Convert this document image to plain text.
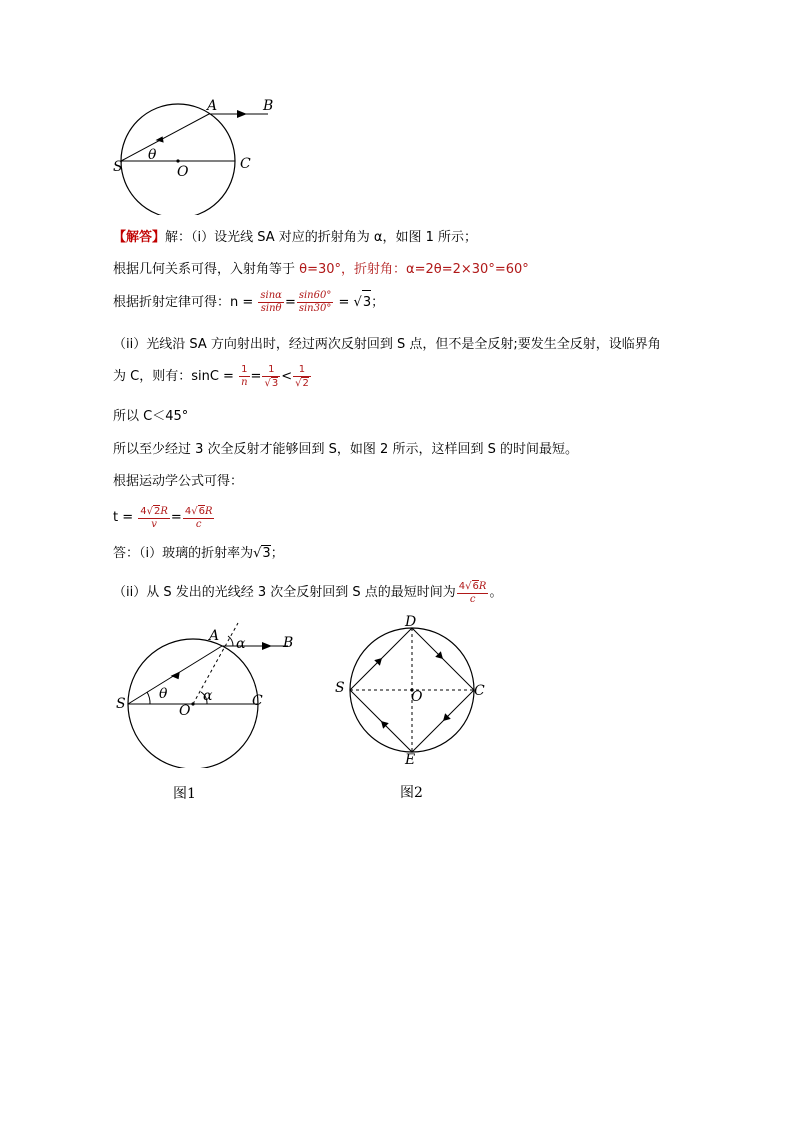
A	B
S
θ
O	C
【解答】解：（i）设光线 SA 对应的折射角为 α，如图 1 所示；
根据几何关系可得，入射角等于 θ=30°，折射角：α=2θ=2×30°=60°
根据折射定律可得：$n = \frac{\sin\alpha}{\sin\theta} = \frac{\sin 60^\circ}{\sin 30^\circ} = √3$；
（ii）光线沿 SA 方向射出时，经过两次反射回到 S 点，但不是全反射;要发生全反射，设临界角
为 C，则有：$\sin C = \frac{1}{n} = \frac{1}{√3} < \frac{1}{√2}$
所以 C＜45°
所以至少经过 3 次全反射才能够回到 S，如图 2 所示，这样回到 S 的时间最短。
根据运动学公式可得：
$t = \frac{4√2R}{v} = \frac{4√6R}{c}$
答：（i）玻璃的折射率为√3；
（ii）从 S 发出的光线经 3 次全反射回到 S 点的最短时间为 $\frac{4√6R}{c}$ 。
A α	B
S
θ
O
α	C
图1
D
S
O	C
E
图2
